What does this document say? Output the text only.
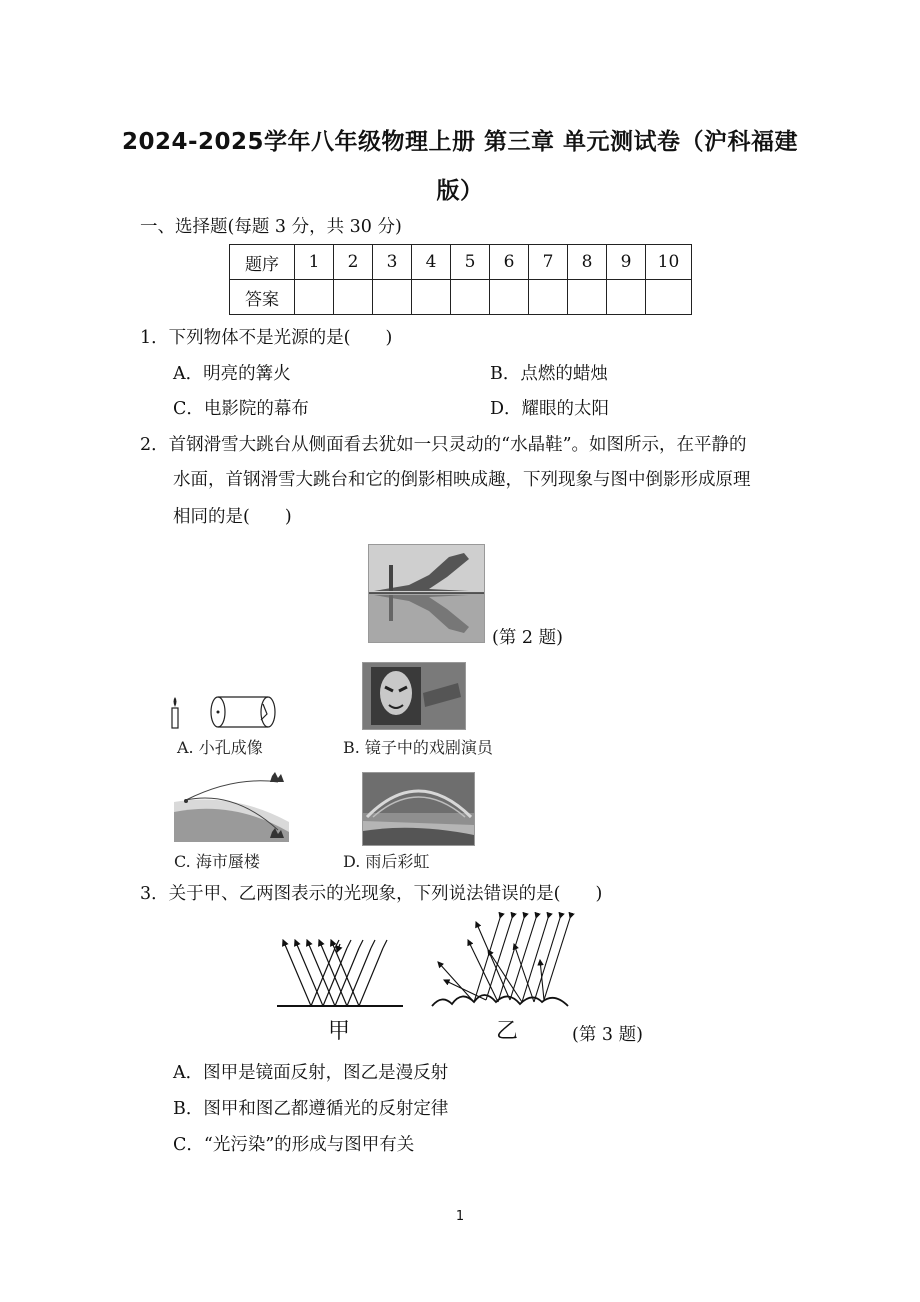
2024-2025学年八年级物理上册 第三章 单元测试卷（沪科福建
版）
一、选择题(每题 3 分，共 30 分)
题序	1	2	3	4	5	6	7	8	9	10
答案										
1．下列物体不是光源的是(　　)
A．明亮的篝火	B．点燃的蜡烛
C．电影院的幕布	D．耀眼的太阳
2．首钢滑雪大跳台从侧面看去犹如一只灵动的“水晶鞋”。如图所示，在平静的
水面，首钢滑雪大跳台和它的倒影相映成趣，下列现象与图中倒影形成原理
相同的是(　　)
(第 2 题)
A. 小孔成像	B. 镜子中的戏剧演员
C. 海市蜃楼	D. 雨后彩虹
3．关于甲、乙两图表示的光现象，下列说法错误的是(　　)
甲	乙	(第 3 题)
A．图甲是镜面反射，图乙是漫反射
B．图甲和图乙都遵循光的反射定律
C．“光污染”的形成与图甲有关
1
